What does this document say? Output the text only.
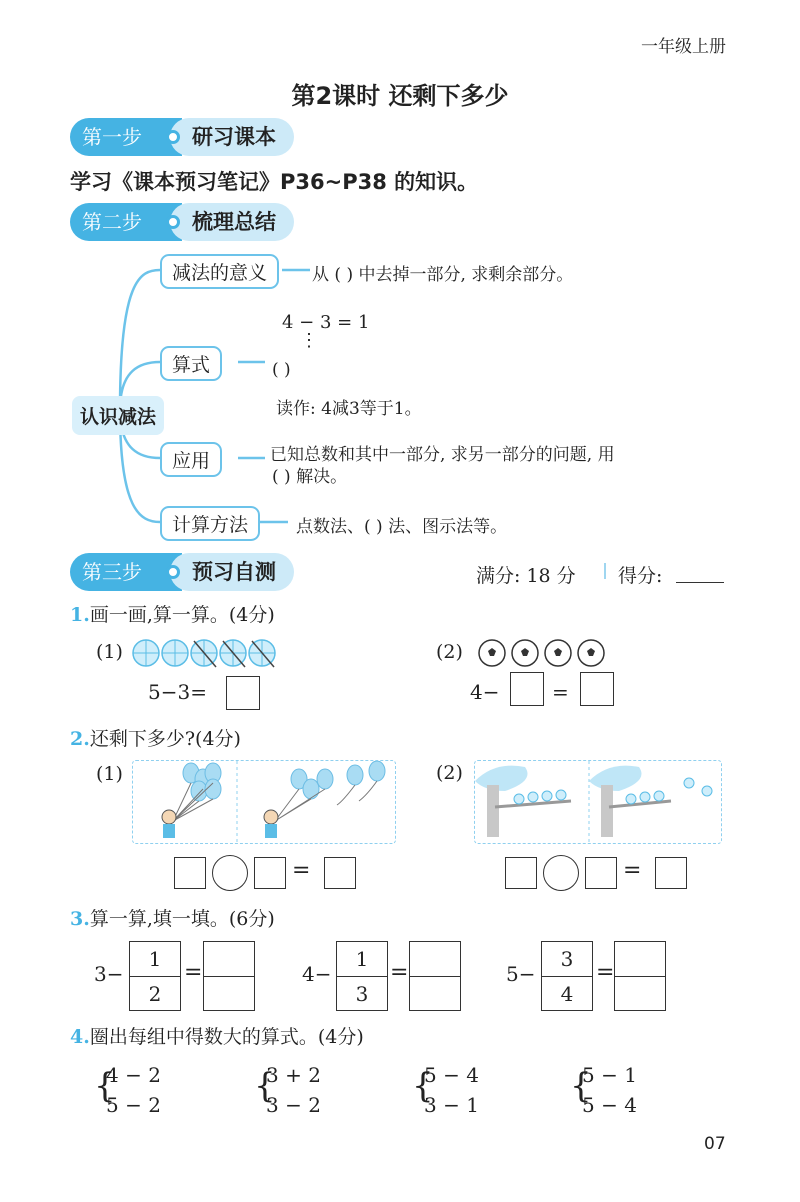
一年级上册
第2课时 还剩下多少
第一步	研习课本
学习《课本预习笔记》P36~P38 的知识。
第二步	梳理总结
认识减法
减法的意义	从 ( ) 中去掉一部分, 求剩余部分。
4 − 3 = 1
⋮
算式	( )
读作: 4减3等于1。
应用	已知总数和其中一部分, 求另一部分的问题, 用
( ) 解决。
计算方法	点数法、( ) 法、图示法等。
第三步	预习自测	满分: 18 分 得分:
1.画一画,算一算。(4分)
(1)
5−3=
(2)
4−	=
2.还剩下多少?(4分)
(1)	(2)
=	=
3.算一算,填一填。(6分)
$3- \frac{1}{2}$ =	$4- \frac{1}{3}$ =	$5- \frac{3}{4}$ =
4.圈出每组中得数大的算式。(4分)
{
4 − 2
5 − 2	{
3 + 2
3 − 2	{
5 − 4
3 − 1	{
5 − 1
5 − 4
07
